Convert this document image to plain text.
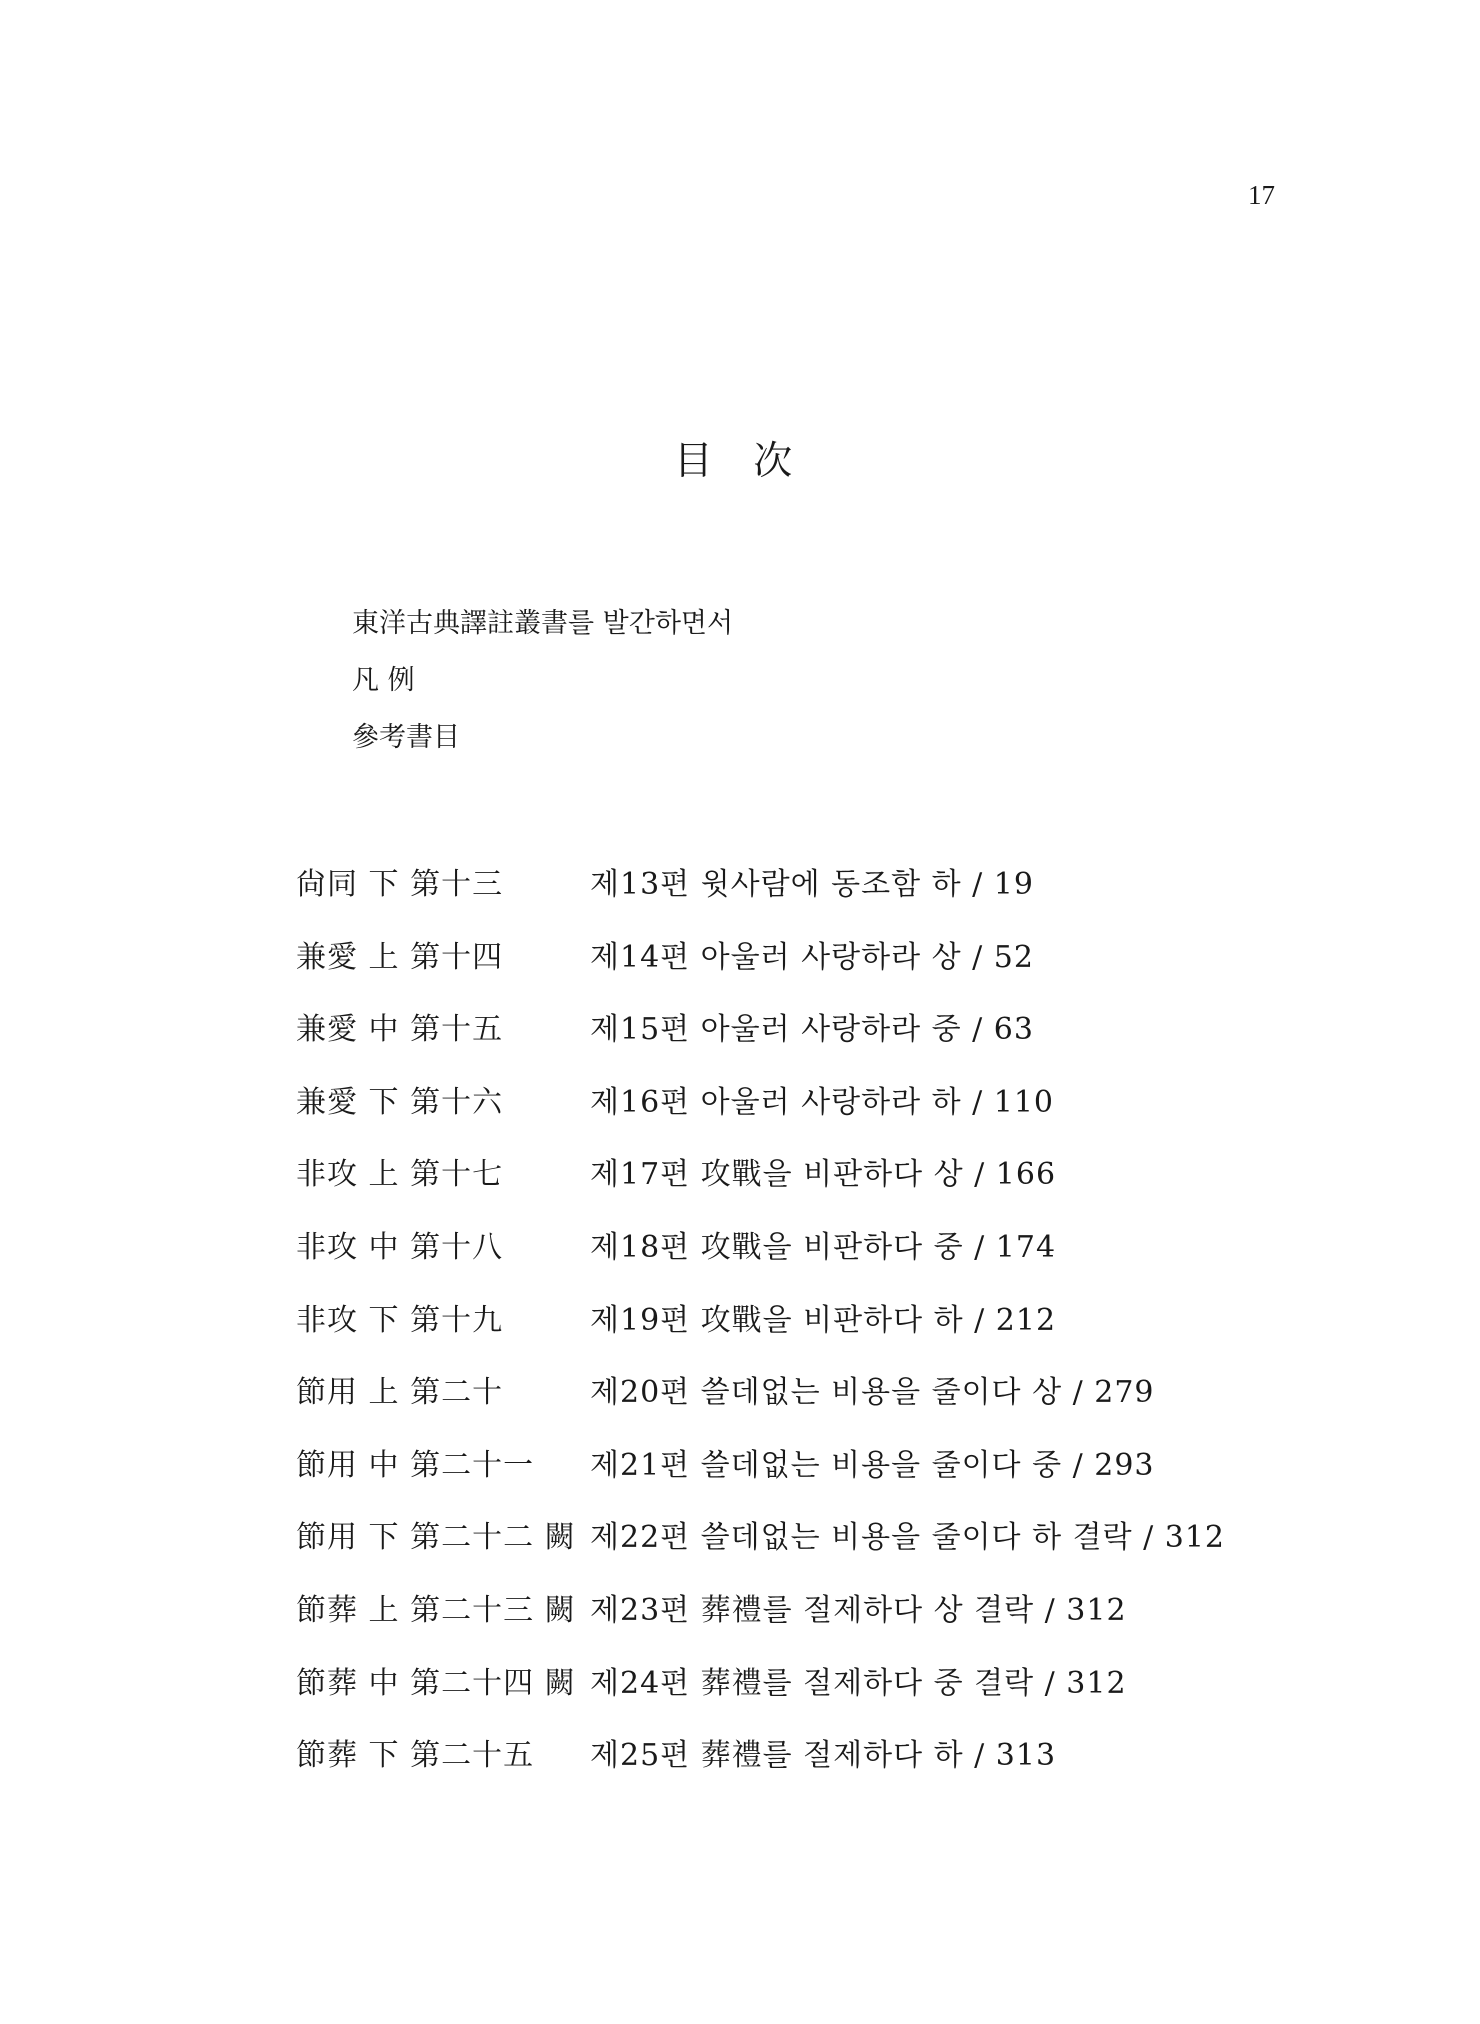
17
目 次
東洋古典譯註叢書를 발간하면서
凡 例
參考書目
尙同 下 第十三	제13편 윗사람에 동조함 하 / 19
兼愛 上 第十四	제14편 아울러 사랑하라 상 / 52
兼愛 中 第十五	제15편 아울러 사랑하라 중 / 63
兼愛 下 第十六	제16편 아울러 사랑하라 하 / 110
非攻 上 第十七	제17편 攻戰을 비판하다 상 / 166
非攻 中 第十八	제18편 攻戰을 비판하다 중 / 174
非攻 下 第十九	제19편 攻戰을 비판하다 하 / 212
節用 上 第二十	제20편 쓸데없는 비용을 줄이다 상 / 279
節用 中 第二十一 제21편 쓸데없는 비용을 줄이다 중 / 293
節用 下 第二十二 闕 제22편 쓸데없는 비용을 줄이다 하 결락 / 312
節葬 上 第二十三 闕 제23편 葬禮를 절제하다 상 결락 / 312
節葬 中 第二十四 闕 제24편 葬禮를 절제하다 중 결락 / 312
節葬 下 第二十五 제25편 葬禮를 절제하다 하 / 313
